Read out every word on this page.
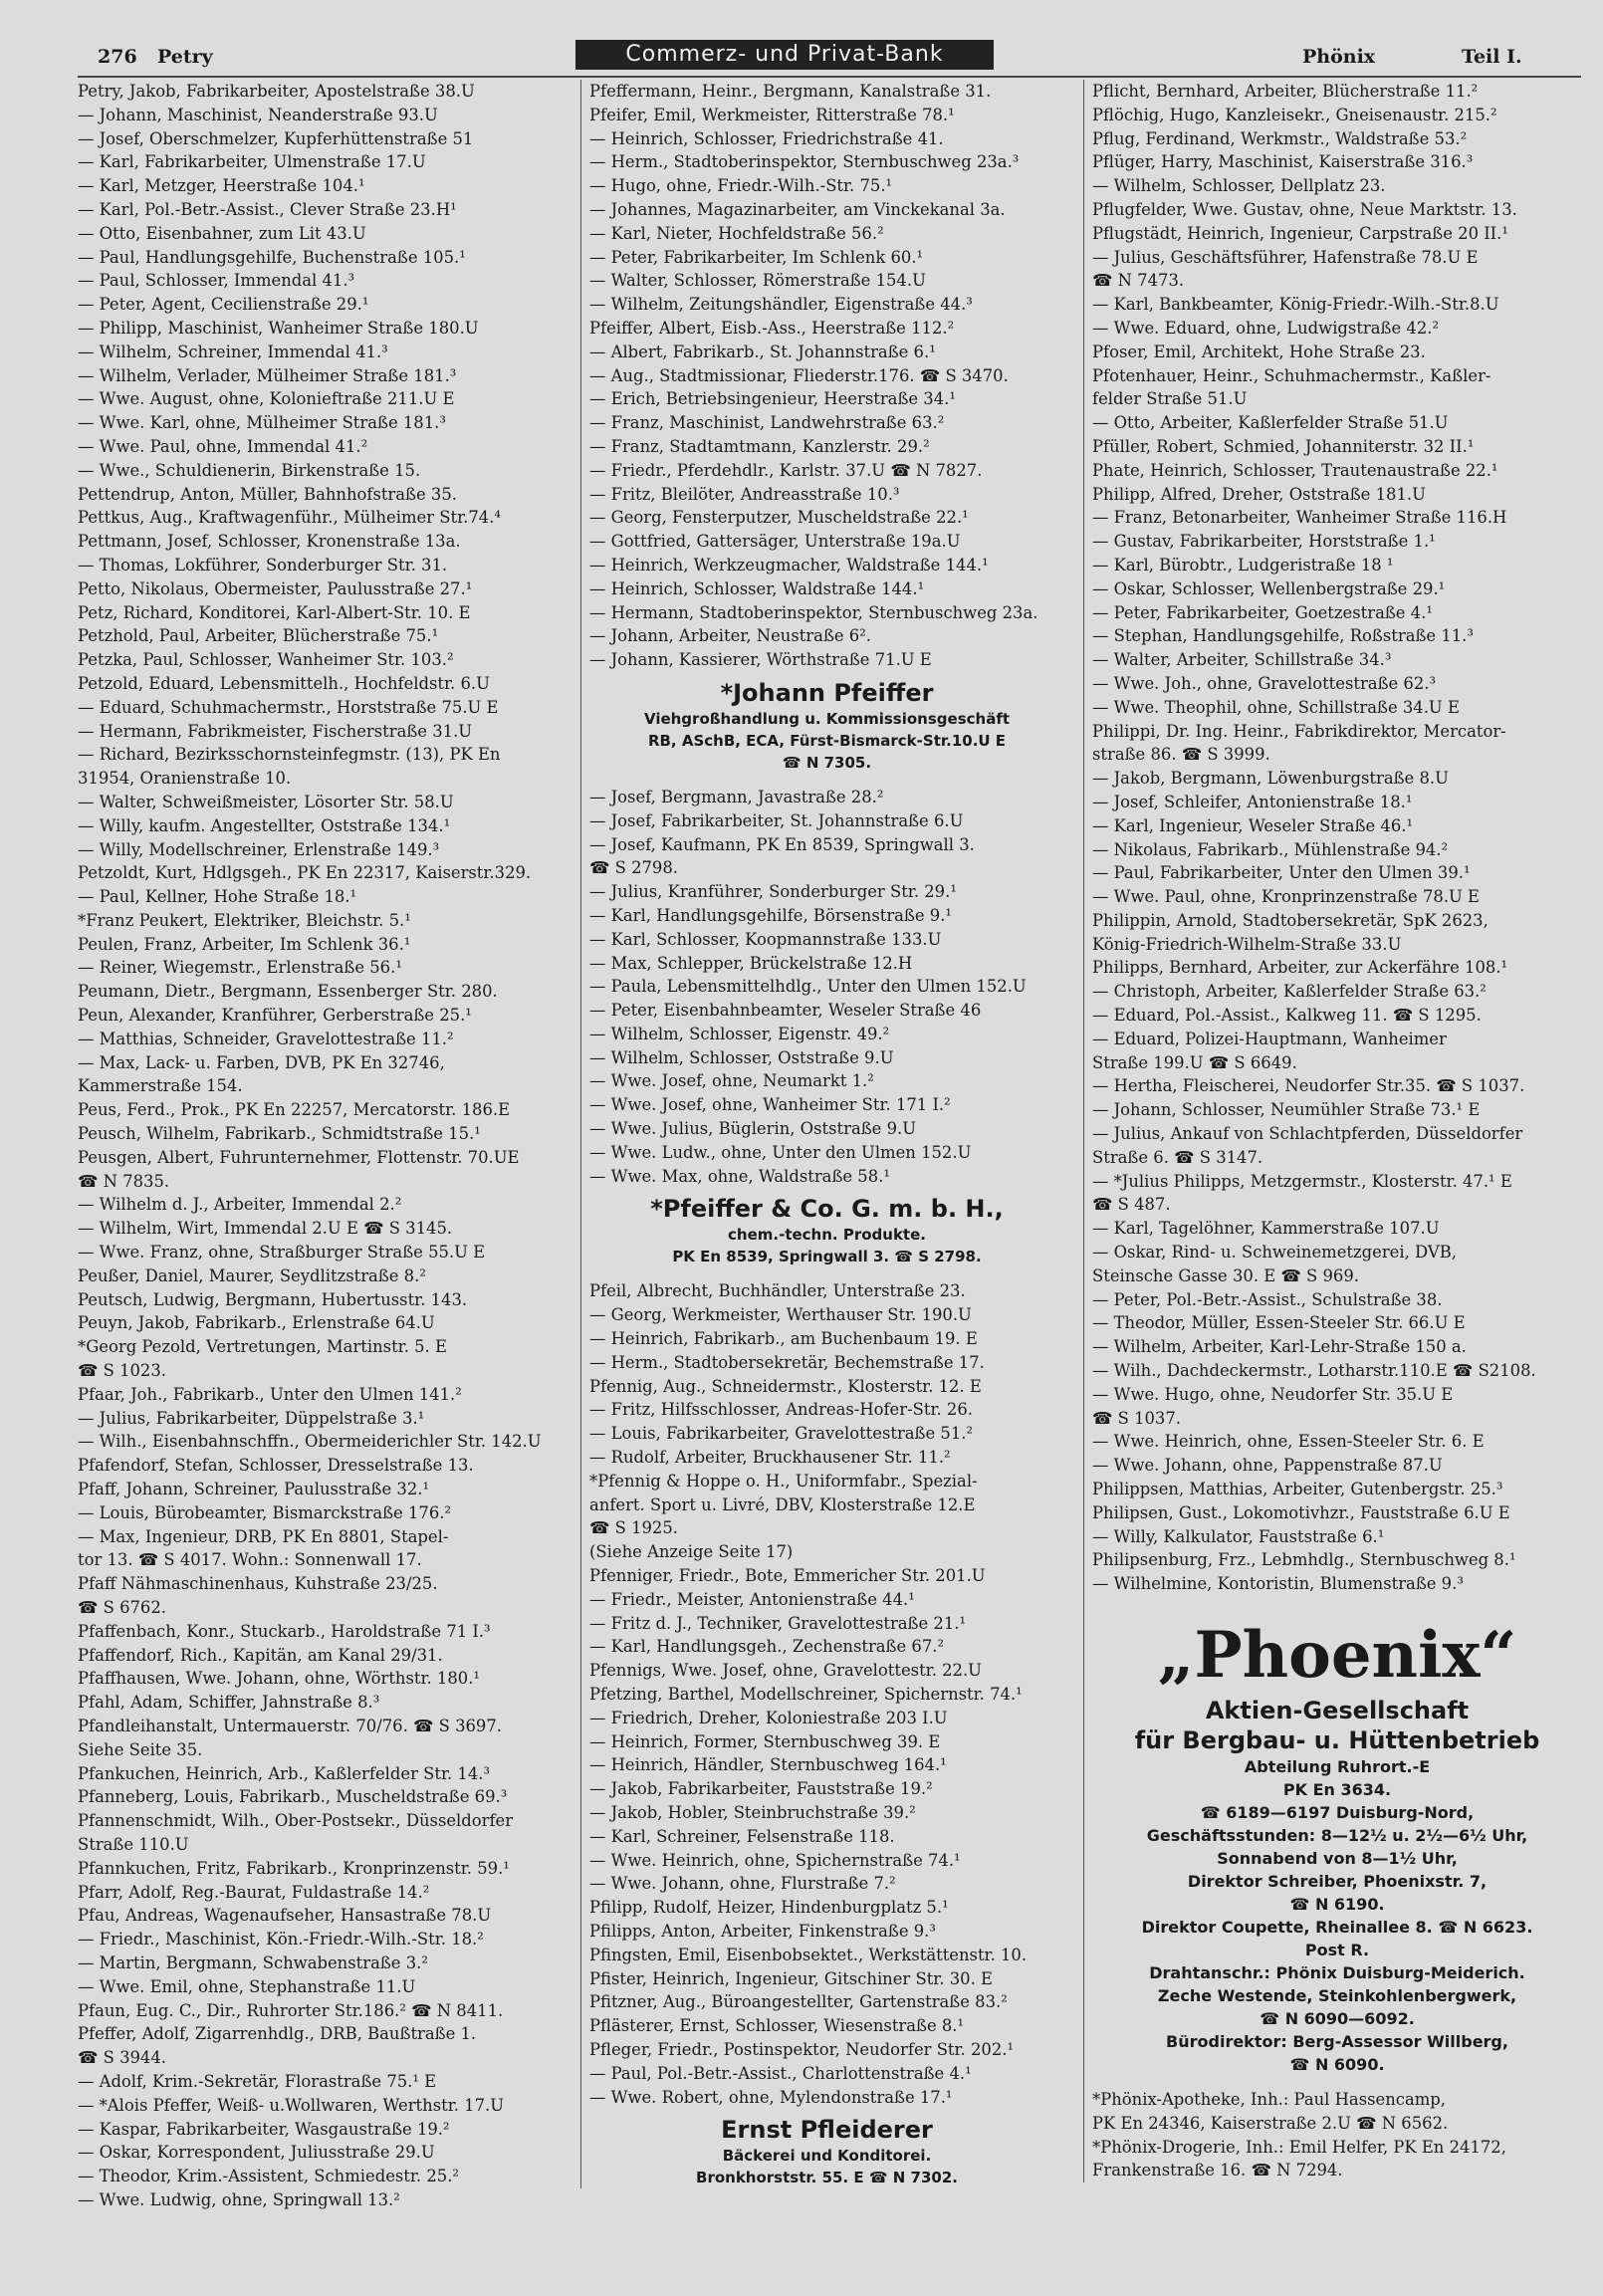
276 Petry	Commerz- und Privat-Bank	Phönix	Teil I.
Petry, Jakob, Fabrikarbeiter, Apostelstraße 38.U
— Johann, Maschinist, Neanderstraße 93.U
— Josef, Oberschmelzer, Kupferhüttenstraße 51
— Karl, Fabrikarbeiter, Ulmenstraße 17.U
— Karl, Metzger, Heerstraße 104.¹
— Karl, Pol.-Betr.-Assist., Clever Straße 23.H¹
— Otto, Eisenbahner, zum Lit 43.U
— Paul, Handlungsgehilfe, Buchenstraße 105.¹
— Paul, Schlosser, Immendal 41.³
— Peter, Agent, Cecilienstraße 29.¹
— Philipp, Maschinist, Wanheimer Straße 180.U
— Wilhelm, Schreiner, Immendal 41.³
— Wilhelm, Verlader, Mülheimer Straße 181.³
— Wwe. August, ohne, Kolonieftraße 211.U E
— Wwe. Karl, ohne, Mülheimer Straße 181.³
— Wwe. Paul, ohne, Immendal 41.²
— Wwe., Schuldienerin, Birkenstraße 15.
Pettendrup, Anton, Müller, Bahnhofstraße 35.
Pettkus, Aug., Kraftwagenführ., Mülheimer Str.74.⁴
Pettmann, Josef, Schlosser, Kronenstraße 13a.
— Thomas, Lokführer, Sonderburger Str. 31.
Petto, Nikolaus, Obermeister, Paulusstraße 27.¹
Petz, Richard, Konditorei, Karl-Albert-Str. 10. E
Petzhold, Paul, Arbeiter, Blücherstraße 75.¹
Petzka, Paul, Schlosser, Wanheimer Str. 103.²
Petzold, Eduard, Lebensmittelh., Hochfeldstr. 6.U
— Eduard, Schuhmachermstr., Horststraße 75.U E
— Hermann, Fabrikmeister, Fischerstraße 31.U
— Richard, Bezirksschornsteinfegmstr. (13), PK En
31954, Oranienstraße 10.
— Walter, Schweißmeister, Lösorter Str. 58.U
— Willy, kaufm. Angestellter, Oststraße 134.¹
— Willy, Modellschreiner, Erlenstraße 149.³
Petzoldt, Kurt, Hdlgsgeh., PK En 22317, Kaiserstr.329.
— Paul, Kellner, Hohe Straße 18.¹
*Franz Peukert, Elektriker, Bleichstr. 5.¹
Peulen, Franz, Arbeiter, Im Schlenk 36.¹
— Reiner, Wiegemstr., Erlenstraße 56.¹
Peumann, Dietr., Bergmann, Essenberger Str. 280.
Peun, Alexander, Kranführer, Gerberstraße 25.¹
— Matthias, Schneider, Gravelottestraße 11.²
— Max, Lack- u. Farben, DVB, PK En 32746,
Kammerstraße 154.
Peus, Ferd., Prok., PK En 22257, Mercatorstr. 186.E
Peusch, Wilhelm, Fabrikarb., Schmidtstraße 15.¹
Peusgen, Albert, Fuhrunternehmer, Flottenstr. 70.UE
☎ N 7835.
— Wilhelm d. J., Arbeiter, Immendal 2.²
— Wilhelm, Wirt, Immendal 2.U E ☎ S 3145.
— Wwe. Franz, ohne, Straßburger Straße 55.U E
Peußer, Daniel, Maurer, Seydlitzstraße 8.²
Peutsch, Ludwig, Bergmann, Hubertusstr. 143.
Peuyn, Jakob, Fabrikarb., Erlenstraße 64.U
*Georg Pezold, Vertretungen, Martinstr. 5. E
☎ S 1023.
Pfaar, Joh., Fabrikarb., Unter den Ulmen 141.²
— Julius, Fabrikarbeiter, Düppelstraße 3.¹
— Wilh., Eisenbahnschffn., Obermeiderichler Str. 142.U
Pfafendorf, Stefan, Schlosser, Dresselstraße 13.
Pfaff, Johann, Schreiner, Paulusstraße 32.¹
— Louis, Bürobeamter, Bismarckstraße 176.²
— Max, Ingenieur, DRB, PK En 8801, Stapel-
tor 13. ☎ S 4017. Wohn.: Sonnenwall 17.
Pfaff Nähmaschinenhaus, Kuhstraße 23/25.
☎ S 6762.
Pfaffenbach, Konr., Stuckarb., Haroldstraße 71 I.³
Pfaffendorf, Rich., Kapitän, am Kanal 29/31.
Pfaffhausen, Wwe. Johann, ohne, Wörthstr. 180.¹
Pfahl, Adam, Schiffer, Jahnstraße 8.³
Pfandleihanstalt, Untermauerstr. 70/76. ☎ S 3697.
Siehe Seite 35.
Pfankuchen, Heinrich, Arb., Kaßlerfelder Str. 14.³
Pfanneberg, Louis, Fabrikarb., Muscheldstraße 69.³
Pfannenschmidt, Wilh., Ober-Postsekr., Düsseldorfer
Straße 110.U
Pfannkuchen, Fritz, Fabrikarb., Kronprinzenstr. 59.¹
Pfarr, Adolf, Reg.-Baurat, Fuldastraße 14.²
Pfau, Andreas, Wagenaufseher, Hansastraße 78.U
— Friedr., Maschinist, Kön.-Friedr.-Wilh.-Str. 18.²
— Martin, Bergmann, Schwabenstraße 3.²
— Wwe. Emil, ohne, Stephanstraße 11.U
Pfaun, Eug. C., Dir., Ruhrorter Str.186.² ☎ N 8411.
Pfeffer, Adolf, Zigarrenhdlg., DRB, Baußtraße 1.
☎ S 3944.
— Adolf, Krim.-Sekretär, Florastraße 75.¹ E
— *Alois Pfeffer, Weiß- u.Wollwaren, Werthstr. 17.U
— Kaspar, Fabrikarbeiter, Wasgaustraße 19.²
— Oskar, Korrespondent, Juliusstraße 29.U
— Theodor, Krim.-Assistent, Schmiedestr. 25.²
— Wwe. Ludwig, ohne, Springwall 13.²
Pfeffermann, Heinr., Bergmann, Kanalstraße 31.
Pfeifer, Emil, Werkmeister, Ritterstraße 78.¹
— Heinrich, Schlosser, Friedrichstraße 41.
— Herm., Stadtoberinspektor, Sternbuschweg 23a.³
— Hugo, ohne, Friedr.-Wilh.-Str. 75.¹
— Johannes, Magazinarbeiter, am Vinckekanal 3a.
— Karl, Nieter, Hochfeldstraße 56.²
— Peter, Fabrikarbeiter, Im Schlenk 60.¹
— Walter, Schlosser, Römerstraße 154.U
— Wilhelm, Zeitungshändler, Eigenstraße 44.³
Pfeiffer, Albert, Eisb.-Ass., Heerstraße 112.²
— Albert, Fabrikarb., St. Johannstraße 6.¹
— Aug., Stadtmissionar, Fliederstr.176. ☎ S 3470.
— Erich, Betriebsingenieur, Heerstraße 34.¹
— Franz, Maschinist, Landwehrstraße 63.²
— Franz, Stadtamtmann, Kanzlerstr. 29.²
— Friedr., Pferdehdlr., Karlstr. 37.U ☎ N 7827.
— Fritz, Bleilöter, Andreasstraße 10.³
— Georg, Fensterputzer, Muscheldstraße 22.¹
— Gottfried, Gattersäger, Unterstraße 19a.U
— Heinrich, Werkzeugmacher, Waldstraße 144.¹
— Heinrich, Schlosser, Waldstraße 144.¹
— Hermann, Stadtoberinspektor, Sternbuschweg 23a.
— Johann, Arbeiter, Neustraße 6².
— Johann, Kassierer, Wörthstraße 71.U E
*Johann Pfeiffer
Viehgroßhandlung u. Kommissionsgeschäft
RB, ASchB, ECA, Fürst-Bismarck-Str.10.U E
☎ N 7305.
— Josef, Bergmann, Javastraße 28.²
— Josef, Fabrikarbeiter, St. Johannstraße 6.U
— Josef, Kaufmann, PK En 8539, Springwall 3.
☎ S 2798.
— Julius, Kranführer, Sonderburger Str. 29.¹
— Karl, Handlungsgehilfe, Börsenstraße 9.¹
— Karl, Schlosser, Koopmannstraße 133.U
— Max, Schlepper, Brückelstraße 12.H
— Paula, Lebensmittelhdlg., Unter den Ulmen 152.U
— Peter, Eisenbahnbeamter, Weseler Straße 46
— Wilhelm, Schlosser, Eigenstr. 49.²
— Wilhelm, Schlosser, Oststraße 9.U
— Wwe. Josef, ohne, Neumarkt 1.²
— Wwe. Josef, ohne, Wanheimer Str. 171 I.²
— Wwe. Julius, Büglerin, Oststraße 9.U
— Wwe. Ludw., ohne, Unter den Ulmen 152.U
— Wwe. Max, ohne, Waldstraße 58.¹
*Pfeiffer & Co. G. m. b. H.,
chem.-techn. Produkte.
PK En 8539, Springwall 3. ☎ S 2798.
Pfeil, Albrecht, Buchhändler, Unterstraße 23.
— Georg, Werkmeister, Werthauser Str. 190.U
— Heinrich, Fabrikarb., am Buchenbaum 19. E
— Herm., Stadtobersekretär, Bechemstraße 17.
Pfennig, Aug., Schneidermstr., Klosterstr. 12. E
— Fritz, Hilfsschlosser, Andreas-Hofer-Str. 26.
— Louis, Fabrikarbeiter, Gravelottestraße 51.²
— Rudolf, Arbeiter, Bruckhausener Str. 11.²
*Pfennig & Hoppe o. H., Uniformfabr., Spezial-
anfert. Sport u. Livré, DBV, Klosterstraße 12.E
☎ S 1925.
(Siehe Anzeige Seite 17)
Pfenniger, Friedr., Bote, Emmericher Str. 201.U
— Friedr., Meister, Antonienstraße 44.¹
— Fritz d. J., Techniker, Gravelottestraße 21.¹
— Karl, Handlungsgeh., Zechenstraße 67.²
Pfennigs, Wwe. Josef, ohne, Gravelottestr. 22.U
Pfetzing, Barthel, Modellschreiner, Spichernstr. 74.¹
— Friedrich, Dreher, Koloniestraße 203 I.U
— Heinrich, Former, Sternbuschweg 39. E
— Heinrich, Händler, Sternbuschweg 164.¹
— Jakob, Fabrikarbeiter, Fauststraße 19.²
— Jakob, Hobler, Steinbruchstraße 39.²
— Karl, Schreiner, Felsenstraße 118.
— Wwe. Heinrich, ohne, Spichernstraße 74.¹
— Wwe. Johann, ohne, Flurstraße 7.²
Pfilipp, Rudolf, Heizer, Hindenburgplatz 5.¹
Pfilipps, Anton, Arbeiter, Finkenstraße 9.³
Pfingsten, Emil, Eisenbobsektet., Werkstättenstr. 10.
Pfister, Heinrich, Ingenieur, Gitschiner Str. 30. E
Pfitzner, Aug., Büroangestellter, Gartenstraße 83.²
Pflästerer, Ernst, Schlosser, Wiesenstraße 8.¹
Pfleger, Friedr., Postinspektor, Neudorfer Str. 202.¹
— Paul, Pol.-Betr.-Assist., Charlottenstraße 4.¹
— Wwe. Robert, ohne, Mylendonstraße 17.¹
Ernst Pfleiderer
Bäckerei und Konditorei.
Bronkhorststr. 55. E ☎ N 7302.
Pflicht, Bernhard, Arbeiter, Blücherstraße 11.²
Pflöchig, Hugo, Kanzleisekr., Gneisenaustr. 215.²
Pflug, Ferdinand, Werkmstr., Waldstraße 53.²
Pflüger, Harry, Maschinist, Kaiserstraße 316.³
— Wilhelm, Schlosser, Dellplatz 23.
Pflugfelder, Wwe. Gustav, ohne, Neue Marktstr. 13.
Pflugstädt, Heinrich, Ingenieur, Carpstraße 20 II.¹
— Julius, Geschäftsführer, Hafenstraße 78.U E
☎ N 7473.
— Karl, Bankbeamter, König-Friedr.-Wilh.-Str.8.U
— Wwe. Eduard, ohne, Ludwigstraße 42.²
Pfoser, Emil, Architekt, Hohe Straße 23.
Pfotenhauer, Heinr., Schuhmachermstr., Kaßler-
felder Straße 51.U
— Otto, Arbeiter, Kaßlerfelder Straße 51.U
Pfüller, Robert, Schmied, Johanniterstr. 32 II.¹
Phate, Heinrich, Schlosser, Trautenaustraße 22.¹
Philipp, Alfred, Dreher, Oststraße 181.U
— Franz, Betonarbeiter, Wanheimer Straße 116.H
— Gustav, Fabrikarbeiter, Horststraße 1.¹
— Karl, Bürobtr., Ludgeristraße 18 ¹
— Oskar, Schlosser, Wellenbergstraße 29.¹
— Peter, Fabrikarbeiter, Goetzestraße 4.¹
— Stephan, Handlungsgehilfe, Roßstraße 11.³
— Walter, Arbeiter, Schillstraße 34.³
— Wwe. Joh., ohne, Gravelottestraße 62.³
— Wwe. Theophil, ohne, Schillstraße 34.U E
Philippi, Dr. Ing. Heinr., Fabrikdirektor, Mercator-
straße 86. ☎ S 3999.
— Jakob, Bergmann, Löwenburgstraße 8.U
— Josef, Schleifer, Antonienstraße 18.¹
— Karl, Ingenieur, Weseler Straße 46.¹
— Nikolaus, Fabrikarb., Mühlenstraße 94.²
— Paul, Fabrikarbeiter, Unter den Ulmen 39.¹
— Wwe. Paul, ohne, Kronprinzenstraße 78.U E
Philippin, Arnold, Stadtobersekretär, SpK 2623,
König-Friedrich-Wilhelm-Straße 33.U
Philipps, Bernhard, Arbeiter, zur Ackerfähre 108.¹
— Christoph, Arbeiter, Kaßlerfelder Straße 63.²
— Eduard, Pol.-Assist., Kalkweg 11. ☎ S 1295.
— Eduard, Polizei-Hauptmann, Wanheimer
Straße 199.U ☎ S 6649.
— Hertha, Fleischerei, Neudorfer Str.35. ☎ S 1037.
— Johann, Schlosser, Neumühler Straße 73.¹ E
— Julius, Ankauf von Schlachtpferden, Düsseldorfer
Straße 6. ☎ S 3147.
— *Julius Philipps, Metzgermstr., Klosterstr. 47.¹ E
☎ S 487.
— Karl, Tagelöhner, Kammerstraße 107.U
— Oskar, Rind- u. Schweinemetzgerei, DVB,
Steinsche Gasse 30. E ☎ S 969.
— Peter, Pol.-Betr.-Assist., Schulstraße 38.
— Theodor, Müller, Essen-Steeler Str. 66.U E
— Wilhelm, Arbeiter, Karl-Lehr-Straße 150 a.
— Wilh., Dachdeckermstr., Lotharstr.110.E ☎ S2108.
— Wwe. Hugo, ohne, Neudorfer Str. 35.U E
☎ S 1037.
— Wwe. Heinrich, ohne, Essen-Steeler Str. 6. E
— Wwe. Johann, ohne, Pappenstraße 87.U
Philippsen, Matthias, Arbeiter, Gutenbergstr. 25.³
Philipsen, Gust., Lokomotivhzr., Fauststraße 6.U E
— Willy, Kalkulator, Fauststraße 6.¹
Philipsenburg, Frz., Lebmhdlg., Sternbuschweg 8.¹
— Wilhelmine, Kontoristin, Blumenstraße 9.³
„Phoenix“
Aktien-Gesellschaft
für Bergbau- u. Hüttenbetrieb
Abteilung Ruhrort.-E
PK En 3634.
☎ 6189—6197 Duisburg-Nord,
Geschäftsstunden: 8—12½ u. 2½—6½ Uhr,
Sonnabend von 8—1½ Uhr,
Direktor Schreiber, Phoenixstr. 7,
☎ N 6190.
Direktor Coupette, Rheinallee 8. ☎ N 6623.
Post R.
Drahtanschr.: Phönix Duisburg-Meiderich.
Zeche Westende, Steinkohlenbergwerk,
☎ N 6090—6092.
Bürodirektor: Berg-Assessor Willberg,
☎ N 6090.
*Phönix-Apotheke, Inh.: Paul Hassencamp,
PK En 24346, Kaiserstraße 2.U ☎ N 6562.
*Phönix-Drogerie, Inh.: Emil Helfer, PK En 24172,
Frankenstraße 16. ☎ N 7294.
